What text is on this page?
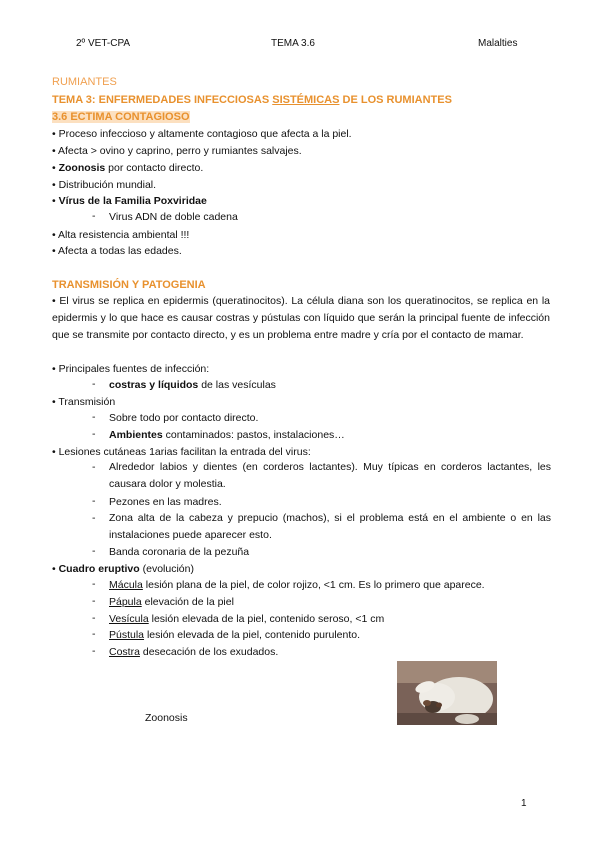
2º VET-CPA	TEMA 3.6	Malalties
RUMIANTES
TEMA 3: ENFERMEDADES INFECCIOSAS SISTÉMICAS DE LOS RUMIANTES
3.6 ECTIMA CONTAGIOSO
• Proceso infeccioso y altamente contagioso que afecta a la piel.
• Afecta > ovino y caprino, perro y rumiantes salvajes.
• Zoonosis por contacto directo.
• Distribución mundial.
• Vírus de la Familia Poxviridae
- Virus ADN de doble cadena
• Alta resistencia ambiental !!!
• Afecta a todas las edades.
TRANSMISIÓN Y PATOGENIA
• El virus se replica en epidermis (queratinocitos). La célula diana son los queratinocitos, se replica en la epidermis y lo que hace es causar costras y pústulas con líquido que serán la principal fuente de infección que se transmite por contacto directo, y es un problema entre madre y cría por el contacto de mamar.
• Principales fuentes de infección:
- costras y líquidos de las vesículas
• Transmisión
- Sobre todo por contacto directo.
- Ambientes contaminados: pastos, instalaciones…
• Lesiones cutáneas 1arias facilitan la entrada del virus:
- Alrededor labios y dientes (en corderos lactantes). Muy típicas en corderos lactantes, les causara dolor y molestia.
- Pezones en las madres.
- Zona alta de la cabeza y prepucio (machos), si el problema está en el ambiente o en las instalaciones puede aparecer esto.
- Banda coronaria de la pezuña
• Cuadro eruptivo (evolución)
- Mácula lesión plana de la piel, de color rojizo, <1 cm. Es lo primero que aparece.
- Pápula elevación de la piel
- Vesícula lesión elevada de la piel, contenido seroso, <1 cm
- Pústula lesión elevada de la piel, contenido purulento.
- Costra desecación de los exudados.
Zoonosis
1
